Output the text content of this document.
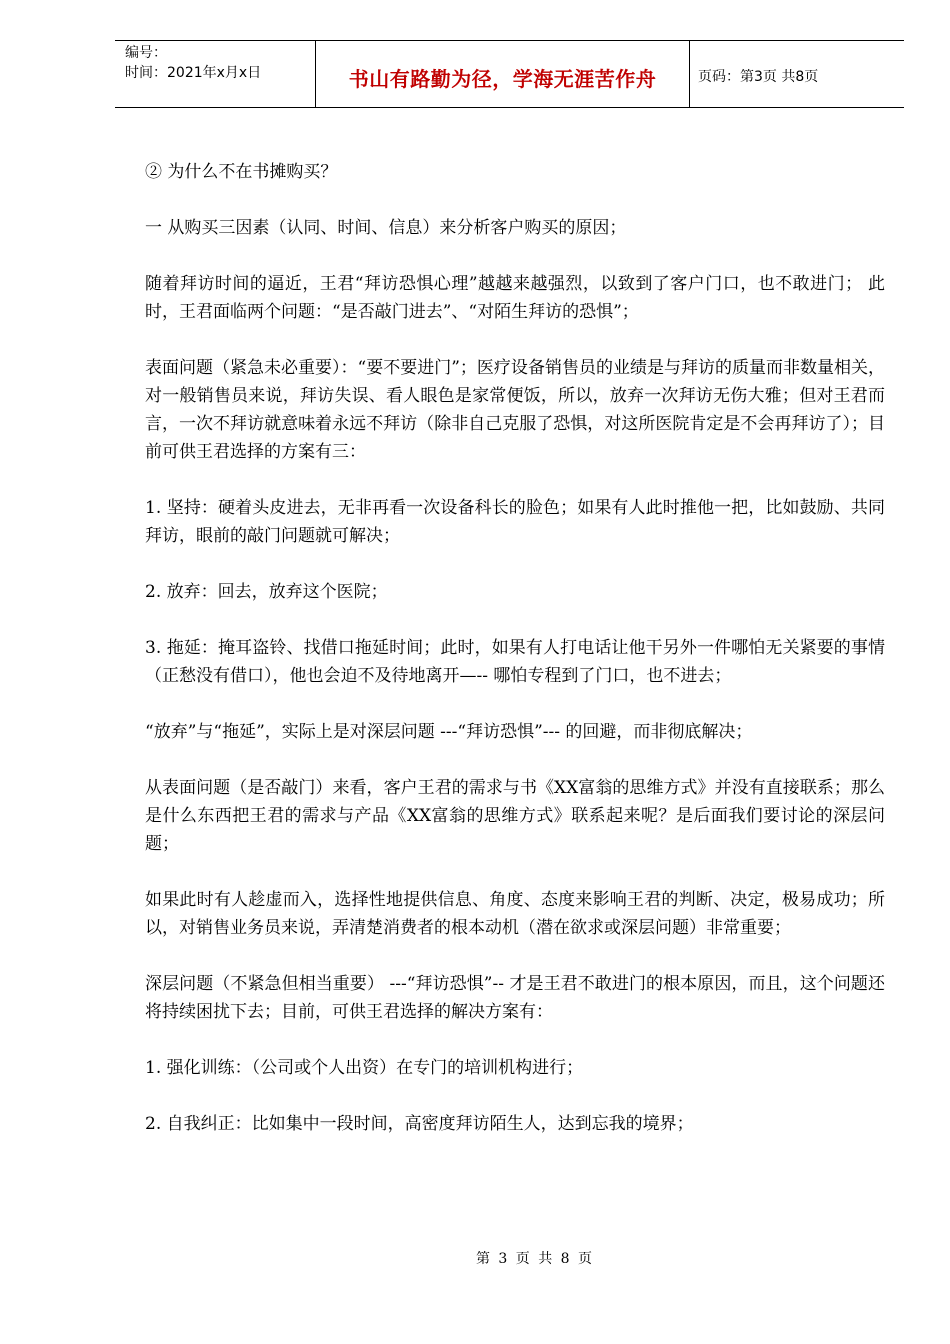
编号：
时间：2021年x月x日	书山有路勤为径，学海无涯苦作舟	页码：第3页 共8页

② 为什么不在书摊购买？

一 从购买三因素（认同、时间、信息）来分析客户购买的原因；

随着拜访时间的逼近，王君“拜访恐惧心理”越越来越强烈，以致到了客户门口，也不敢进门； 此时，王君面临两个问题：“是否敲门进去”、“对陌生拜访的恐惧”；

表面问题（紧急未必重要）：“要不要进门”；医疗设备销售员的业绩是与拜访的质量而非数量相关，对一般销售员来说，拜访失误、看人眼色是家常便饭，所以，放弃一次拜访无伤大雅；但对王君而言，一次不拜访就意味着永远不拜访（除非自己克服了恐惧，对这所医院肯定是不会再拜访了）；目前可供王君选择的方案有三：

1. 坚持：硬着头皮进去，无非再看一次设备科长的脸色；如果有人此时推他一把，比如鼓励、共同拜访，眼前的敲门问题就可解决；

2. 放弃：回去，放弃这个医院；

3. 拖延：掩耳盗铃、找借口拖延时间；此时，如果有人打电话让他干另外一件哪怕无关紧要的事情（正愁没有借口），他也会迫不及待地离开—-- 哪怕专程到了门口，也不进去；

“放弃”与“拖延”，实际上是对深层问题 ---“拜访恐惧”--- 的回避，而非彻底解决；

从表面问题（是否敲门）来看，客户王君的需求与书《XX富翁的思维方式》并没有直接联系；那么是什么东西把王君的需求与产品《XX富翁的思维方式》联系起来呢？是后面我们要讨论的深层问题；

如果此时有人趁虚而入，选择性地提供信息、角度、态度来影响王君的判断、决定，极易成功；所以，对销售业务员来说，弄清楚消费者的根本动机（潜在欲求或深层问题）非常重要；

深层问题（不紧急但相当重要） ---“拜访恐惧”-- 才是王君不敢进门的根本原因，而且，这个问题还将持续困扰下去；目前，可供王君选择的解决方案有：

1. 强化训练：（公司或个人出资）在专门的培训机构进行；

2. 自我纠正：比如集中一段时间，高密度拜访陌生人，达到忘我的境界；

第 3 页 共 8 页
